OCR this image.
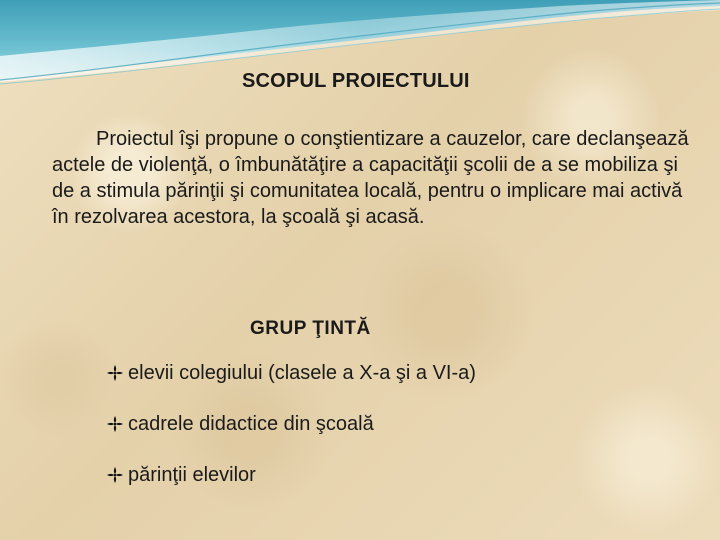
SCOPUL PROIECTULUI

Proiectul îşi propune o conştientizare a cauzelor, care declanşează actele de violenţă, o îmbunătăţire a capacităţii şcolii de a se mobiliza şi de a stimula părinţii şi comunitatea locală, pentru o implicare mai activă în rezolvarea acestora, la şcoală şi acasă.

GRUP ŢINTĂ
elevii colegiului (clasele a X-a şi a VI-a)
cadrele didactice din şcoală
părinţii elevilor
